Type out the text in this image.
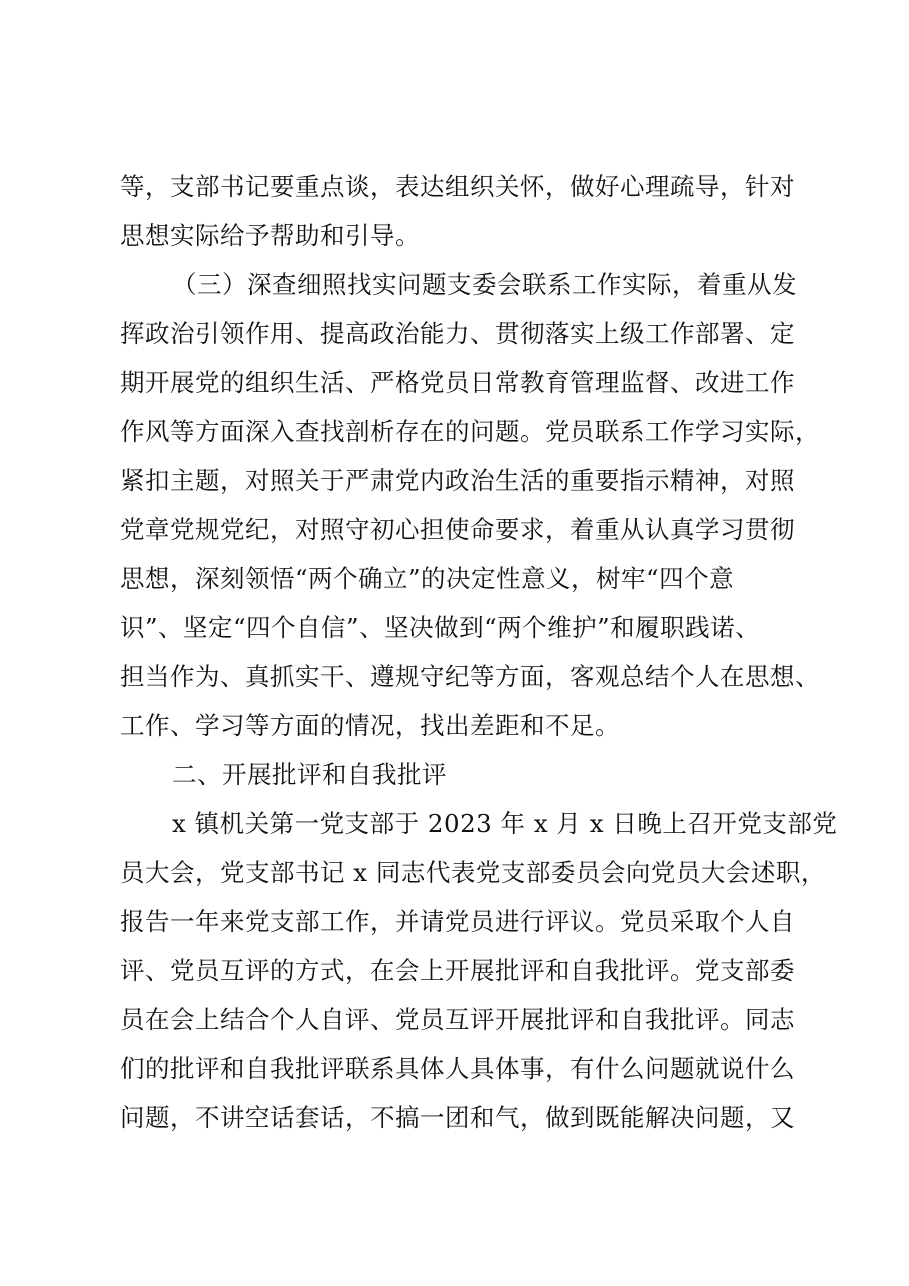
等，支部书记要重点谈，表达组织关怀，做好心理疏导，针对
思想实际给予帮助和引导。
（三）深查细照找实问题支委会联系工作实际，着重从发
挥政治引领作用、提高政治能力、贯彻落实上级工作部署、定
期开展党的组织生活、严格党员日常教育管理监督、改进工作
作风等方面深入查找剖析存在的问题。党员联系工作学习实际，
紧扣主题，对照关于严肃党内政治生活的重要指示精神，对照
党章党规党纪，对照守初心担使命要求，着重从认真学习贯彻
思想，深刻领悟“两个确立”的决定性意义，树牢“四个意
识”、坚定“四个自信”、坚决做到“两个维护”和履职践诺、
担当作为、真抓实干、遵规守纪等方面，客观总结个人在思想、
工作、学习等方面的情况，找出差距和不足。
二、开展批评和自我批评
x 镇机关第一党支部于 2023 年 x 月 x 日晚上召开党支部党
员大会，党支部书记 x 同志代表党支部委员会向党员大会述职，
报告一年来党支部工作，并请党员进行评议。党员采取个人自
评、党员互评的方式，在会上开展批评和自我批评。党支部委
员在会上结合个人自评、党员互评开展批评和自我批评。同志
们的批评和自我批评联系具体人具体事，有什么问题就说什么
问题，不讲空话套话，不搞一团和气，做到既能解决问题，又
